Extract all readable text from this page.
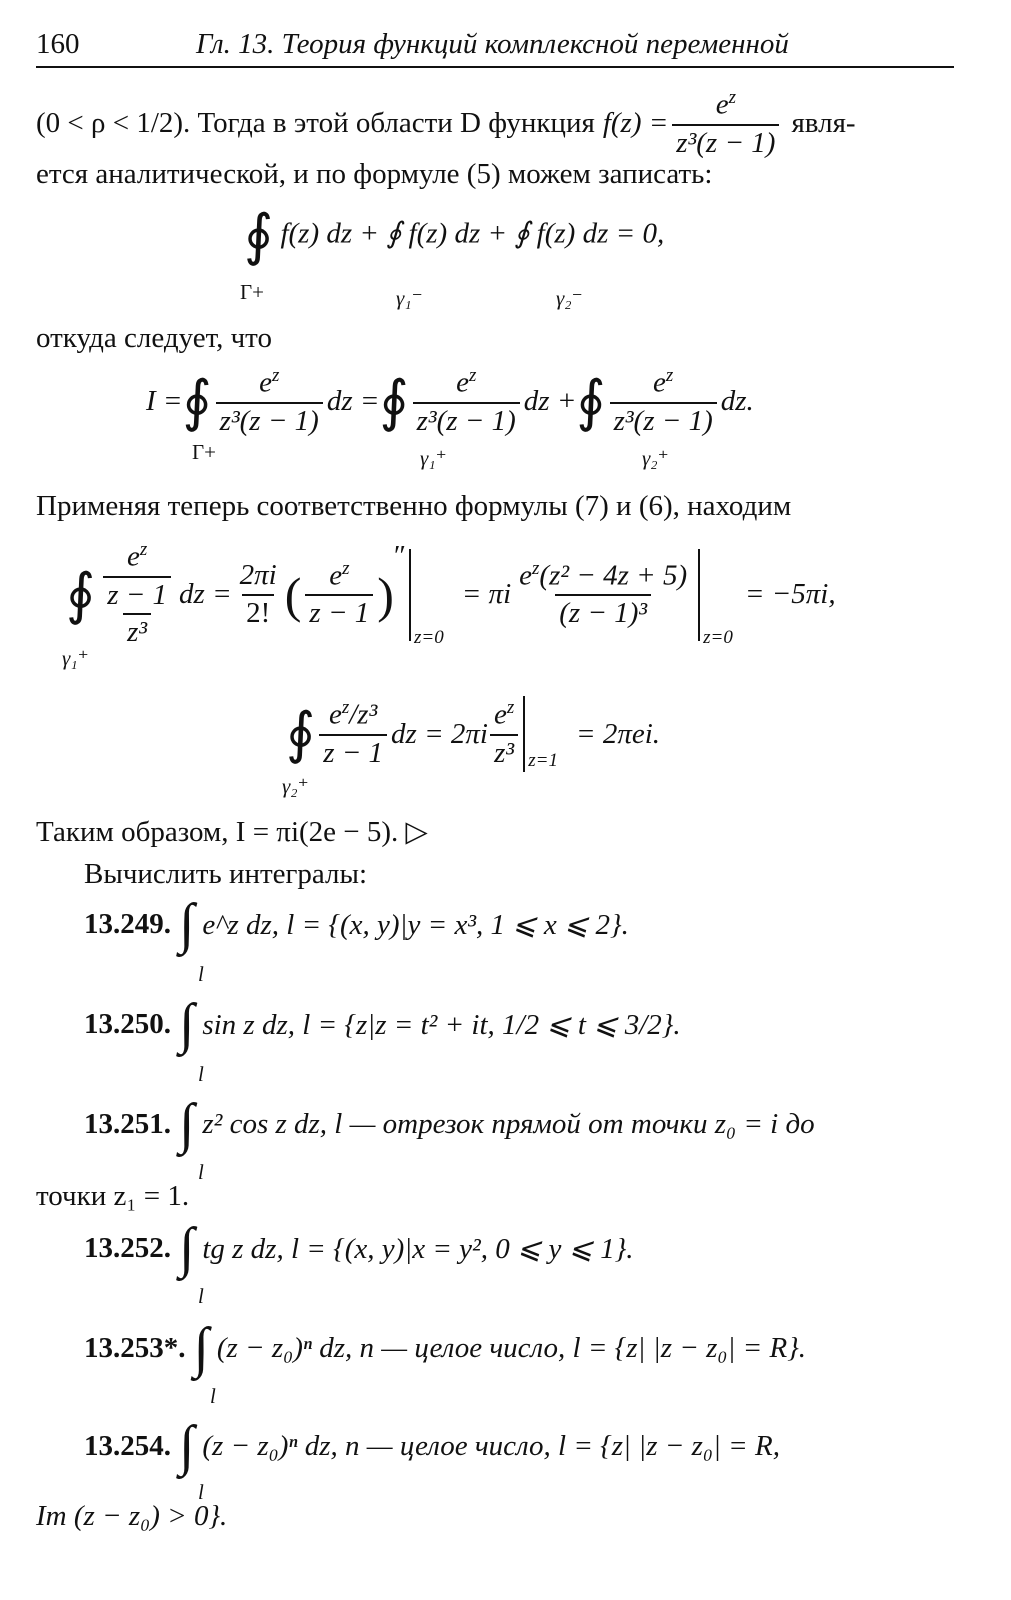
160	Гл. 13. Теория функций комплексной переменной
(0 < ρ < 1/2). Тогда в этой области D функция $f(z) = \frac{e^z}{\text{z³(z − 1)}}$ явля-
ется аналитической, и по формуле (5) можем записать:
∮ f(z) dz + ∮ f(z) dz + ∮ f(z) dz = 0,
Γ+	γ₁⁻	γ₂⁻
откуда следует, что
I = ∮ $\frac{e^z}{\text{z³(z − 1)}}$ dz = ∮ $\frac{e^z}{\text{z³(z − 1)}}$ dz + ∮ $\frac{e^z}{\text{z³(z − 1)}}$ dz.
Γ+	γ₁⁺	γ₂⁺
Применяя теперь соответственно формулы (7) и (6), находим
∮ $\frac{\frac{e^z}{z - 1}}{\text{z³}}$ dz = $\frac{2\pi i}{2!}$ ( $\frac{e^z}{z - 1}$ )
″
z=0
= πi $\frac{e^z(z^2 - 4z + 5)}{\text{(z − 1)³}}$
z=0
= −5πi,
γ₁⁺
∮ $\frac{e^z/z^3}{z - 1}$ dz = $2\pi i \frac{e^z}{\text{z³}} z=1$
= 2πei.
γ₂⁺
Таким образом, I = πi(2e − 5). ▷
Вычислить интегралы:
13.249. ∫ e^z dz, l = {(x, y)|y = x³, 1 ⩽ x ⩽ 2}.
l
13.250. ∫ sin z dz, l = {z|z = t² + it, 1/2 ⩽ t ⩽ 3/2}.
l
13.251. ∫ z² cos z dz, l — отрезок прямой от точки z₀ = i до
l
точки z₁ = 1.
13.252. ∫ tg z dz, l = {(x, y)|x = y², 0 ⩽ y ⩽ 1}.
l
13.253*. ∫ (z − z₀)ⁿ dz, n — целое число, l = {z| |z − z₀| = R}.
l
13.254. ∫ (z − z₀)ⁿ dz, n — целое число, l = {z| |z − z₀| = R,
l
Im (z − z₀) > 0}.
